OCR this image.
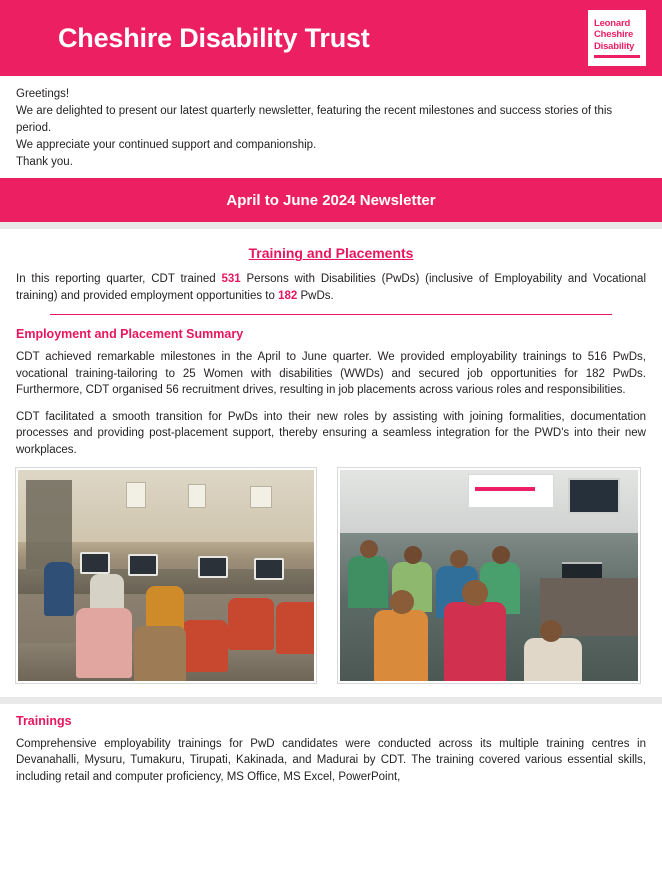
Cheshire Disability Trust	Leonard
Cheshire
Disability
Greetings!
We are delighted to present our latest quarterly newsletter, featuring the recent milestones and success stories of this period.
We appreciate your continued support and companionship.
Thank you.
April to June 2024 Newsletter
Training and Placements

In this reporting quarter, CDT trained 531 Persons with Disabilities (PwDs) (inclusive of Employability and Vocational training) and provided employment opportunities to 182 PwDs.

Employment and Placement Summary

CDT achieved remarkable milestones in the April to June quarter. We provided employability trainings to 516 PwDs, vocational training-tailoring to 25 Women with disabilities (WWDs) and secured job opportunities for 182 PwDs. Furthermore, CDT organised 56 recruitment drives, resulting in job placements across various roles and responsibilities.

CDT facilitated a smooth transition for PwDs into their new roles by assisting with joining formalities, documentation processes and providing post-placement support, thereby ensuring a seamless integration for the PWD's into their new workplaces.

Trainings

Comprehensive employability trainings for PwD candidates were conducted across its multiple training centres in Devanahalli, Mysuru, Tumakuru, Tirupati, Kakinada, and Madurai by CDT. The training covered various essential skills, including retail and computer proficiency, MS Office, MS Excel, PowerPoint,
